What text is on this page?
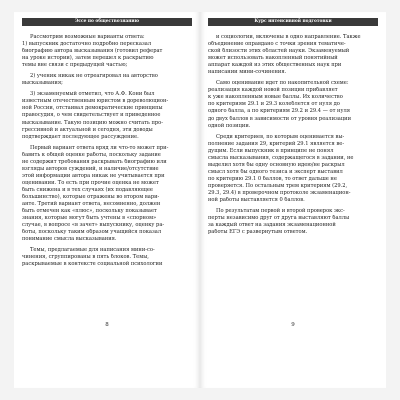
Эссе по обществознанию
Рассмотрим возможные варианты ответа:
1) выпускник достаточно подробно пересказал
биографию автора высказывания (готовил реферат
на уроке истории), затем перешел к раскрытию
темы вне связи с предыдущей частью;
2) ученик никак не отреагировал на авторство
высказывания;
3) экзаменуемый отметил, что А.Ф. Кони был
известным отечественным юристом в дореволюцион-
ной России, отстаивал демократические принципы
правосудия, о чем свидетельствует и приведенное
высказывание. Такую позицию можно считать про-
грессивной и актуальной и сегодня, эти доводы
подтверждает последующее рассуждение.
Первый вариант ответа вряд ли что-то может при-
бавить к общей оценке работы, поскольку задание
не содержит требования раскрывать биографию или
взгляды авторов суждений, и наличие/отсутствие
этой информации автора никак не учитывается при
оценивании. То есть при прочие оценка не может
быть снижена и в тех случаях (их подавляющее
большинство), которые отражены во втором вари-
анте. Третий вариант ответа, несомненно, должен
быть отмечен как «плюс», поскольку показывает
знания, которые могут быть учтены в «спорном»
случае, в вопросе «в зачет» выпускнику, оценку ра-
боты, поскольку таким образом учащийся показал
понимание смысла высказывания.
Темы, предлагаемые для написания мини-со-
чинения, сгруппированы в пять блоков. Темы,
раскрываемые в контексте социальной психологии
8
Курс интенсивной подготовки
и социологии, включены в одно направление. Также
объединение оправдано с точки зрения тематиче-
ской близости этих областей науки. Экзаменуемый
может использовать накопленный понятийный
аппарат каждой из этих общественных наук при
написании мини-сочинения.
Само оценивание идет по накопительной схеме:
реализация каждой новой позиции прибавляет
к уже накопленным новые баллы. Их количество
по критериям 29.1 и 29.3 колеблется от нуля до
одного балла, а по критериям 29.2 и 29.4 — от нуля
до двух баллов в зависимости от уровня реализации
одной позиции.
Среди критериев, по которым оценивается вы-
полнение задания 29, критерий 29.1 является ве-
дущим. Если выпускник в принципе не понял
смысла высказывания, содержащегося в задании, не
выделил хотя бы одну основную идею/не раскрыл
смысл хотя бы одного тезиса и эксперт выставил
по критерию 29.1 0 баллов, то ответ дальше не
проверяется. По остальным трем критериям (29.2,
29.3, 29.4) в проверочном протоколе экзаменацион-
ной работы выставляется 0 баллов.
По результатам первой и второй проверок экс-
перты независимо друг от друга выставляют баллы
за каждый ответ на задания экзаменационной
работы ЕГЭ с развернутым ответом.
9
